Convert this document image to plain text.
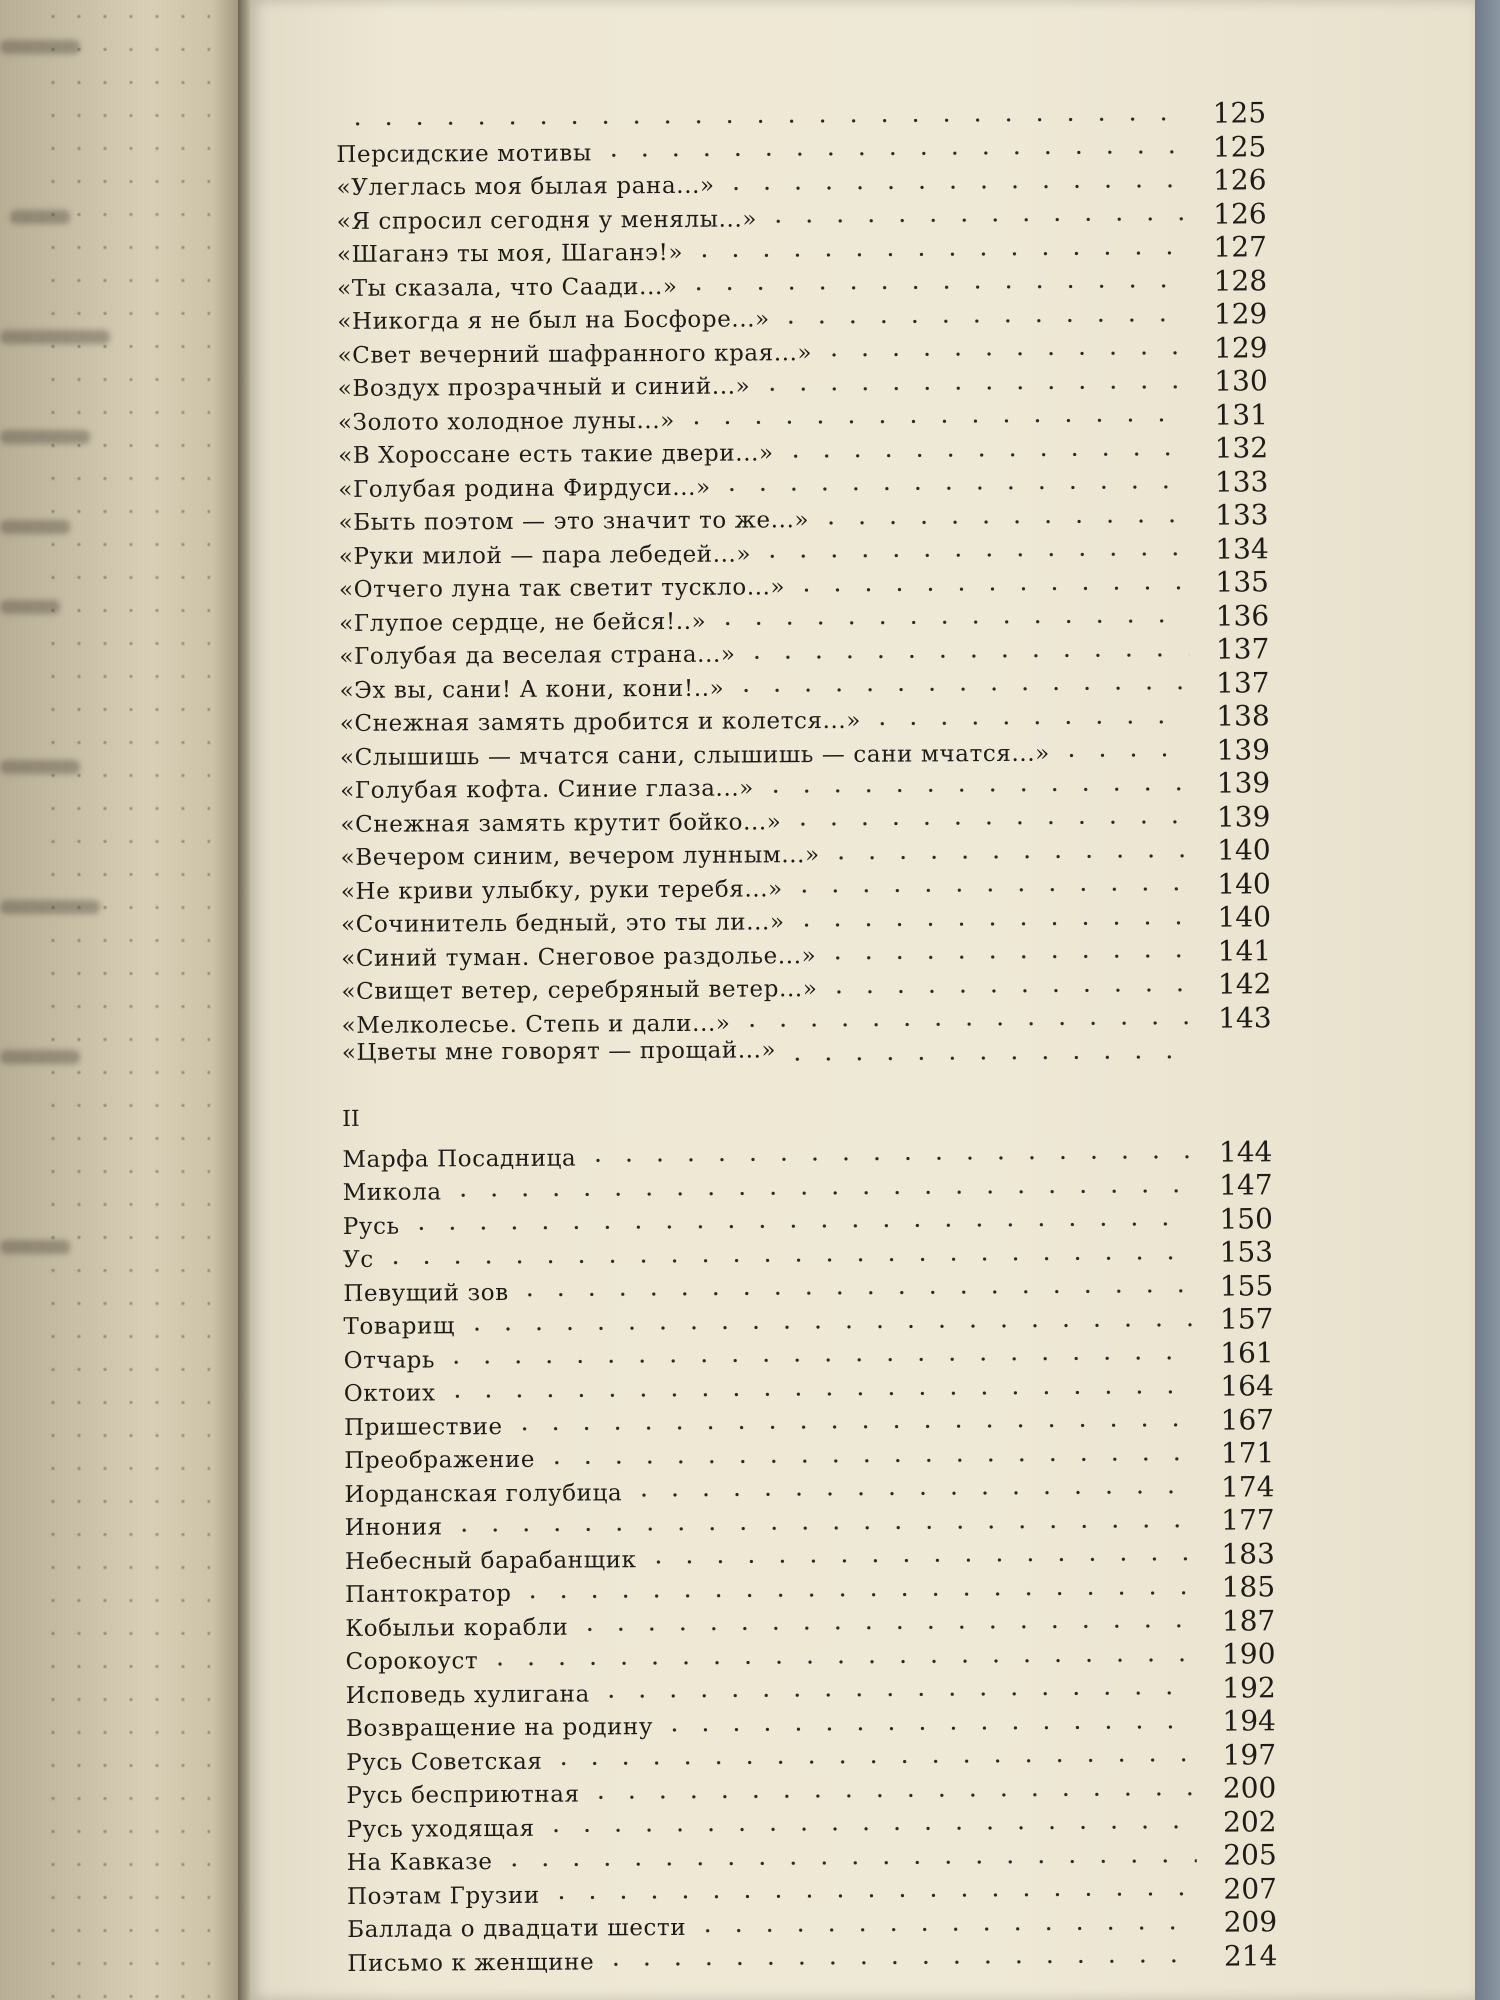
125
Персидские мотивы	125
«Улеглась моя былая рана...»	126
«Я спросил сегодня у менялы...»	126
«Шаганэ ты моя, Шаганэ!»	127
«Ты сказала, что Саади...»	128
«Никогда я не был на Босфоре...»	129
«Свет вечерний шафранного края...»	129
«Воздух прозрачный и синий...»	130
«Золото холодное луны...»	131
«В Хороссане есть такие двери...»	132
«Голубая родина Фирдуси...»	133
«Быть поэтом — это значит то же...»	133
«Руки милой — пара лебедей...»	134
«Отчего луна так светит тускло...»	135
«Глупое сердце, не бейся!..»	136
«Голубая да веселая страна...»	137
«Эх вы, сани! А кони, кони!..»	137
«Снежная замять дробится и колется...»	138
«Слышишь — мчатся сани, слышишь — сани мчатся...»	139
«Голубая кофта. Синие глаза...»	139
«Снежная замять крутит бойко...»	139
«Вечером синим, вечером лунным...»	140
«Не криви улыбку, руки теребя...»	140
«Сочинитель бедный, это ты ли...»	140
«Синий туман. Снеговое раздолье...»	141
«Свищет ветер, серебряный ветер...»	142
«Мелколесье. Степь и дали...»	143
«Цветы мне говорят — прощай...»
II
Марфа Посадница	144
Микола	147
Русь	150
Ус	153
Певущий зов	155
Товарищ	157
Отчарь	161
Октоих	164
Пришествие	167
Преображение	171
Иорданская голубица	174
Инония	177
Небесный барабанщик	183
Пантократор	185
Кобыльи корабли	187
Сорокоуст	190
Исповедь хулигана	192
Возвращение на родину	194
Русь Советская	197
Русь бесприютная	200
Русь уходящая	202
На Кавказе	205
Поэтам Грузии	207
Баллада о двадцати шести	209
Письмо к женщине	214
